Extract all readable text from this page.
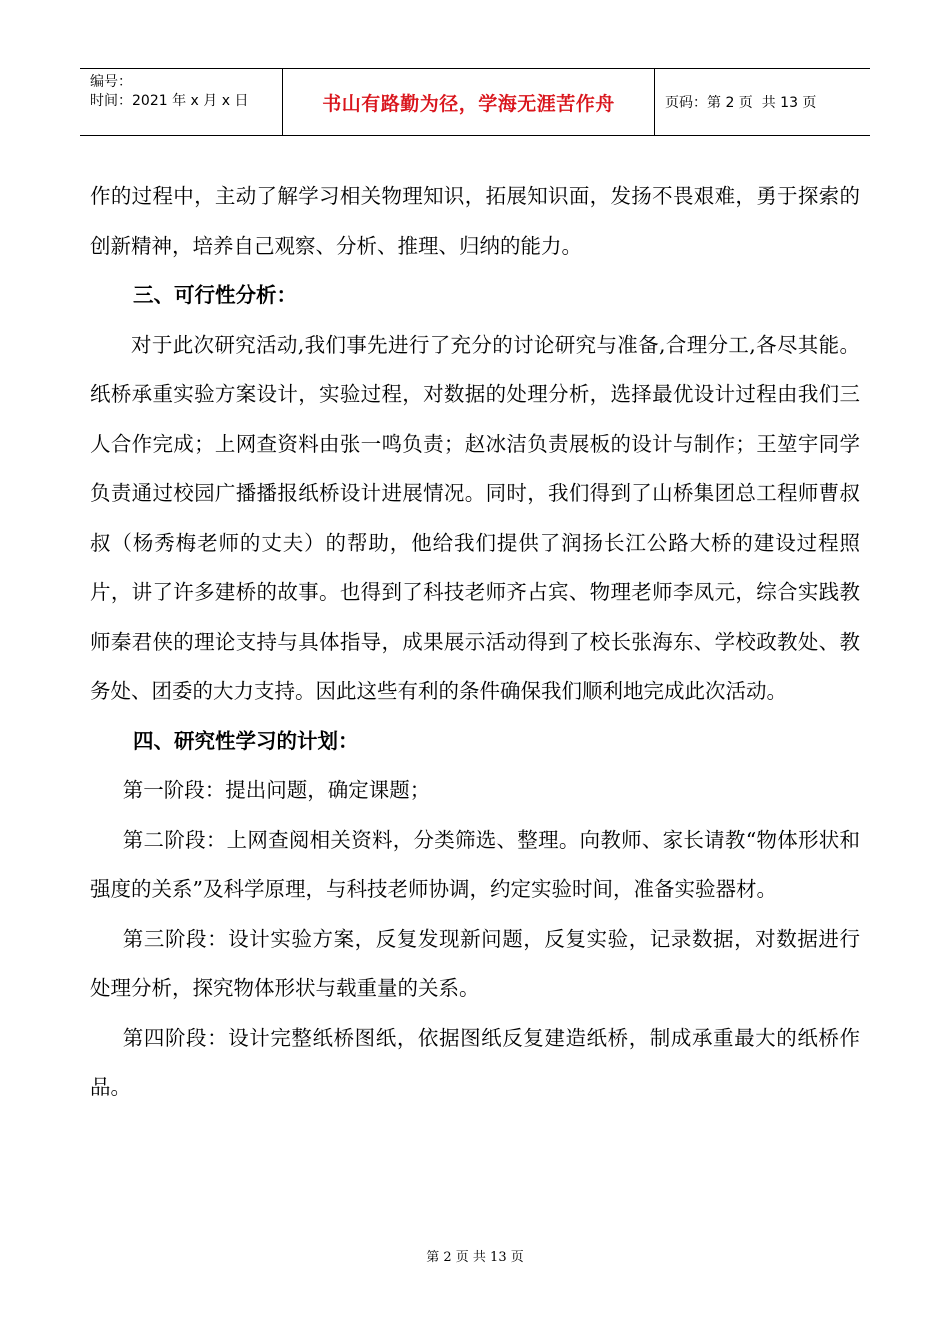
编号：
时间：2021 年 x 月 x 日	书山有路勤为径，学海无涯苦作舟	页码：第 2 页  共 13 页

作的过程中，主动了解学习相关物理知识，拓展知识面，发扬不畏艰难，勇于探索的创新精神，培养自己观察、分析、推理、归纳的能力。

三、可行性分析：

对于此次研究活动,我们事先进行了充分的讨论研究与准备,合理分工,各尽其能。纸桥承重实验方案设计，实验过程，对数据的处理分析，选择最优设计过程由我们三人合作完成；上网查资料由张一鸣负责；赵冰洁负责展板的设计与制作；王堃宇同学负责通过校园广播播报纸桥设计进展情况。同时，我们得到了山桥集团总工程师曹叔叔（杨秀梅老师的丈夫）的帮助，他给我们提供了润扬长江公路大桥的建设过程照片，讲了许多建桥的故事。也得到了科技老师齐占宾、物理老师李凤元，综合实践教师秦君侠的理论支持与具体指导，成果展示活动得到了校长张海东、学校政教处、教务处、团委的大力支持。因此这些有利的条件确保我们顺利地完成此次活动。

四、研究性学习的计划：

第一阶段：提出问题，确定课题；

第二阶段：上网查阅相关资料，分类筛选、整理。向教师、家长请教“物体形状和强度的关系”及科学原理，与科技老师协调，约定实验时间，准备实验器材。

第三阶段：设计实验方案，反复发现新问题，反复实验，记录数据，对数据进行处理分析，探究物体形状与载重量的关系。

第四阶段：设计完整纸桥图纸，依据图纸反复建造纸桥，制成承重最大的纸桥作品。

第 2 页 共 13 页
